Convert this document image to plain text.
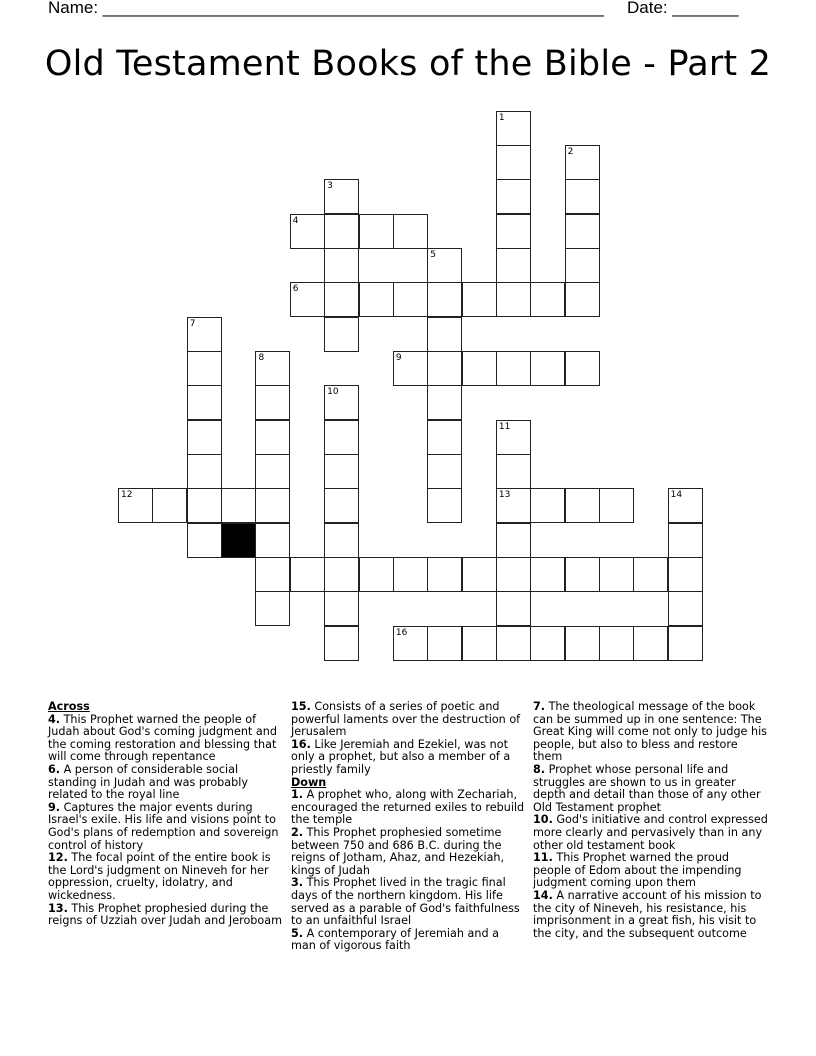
Name: _____________________________________________________ Date: _______
Old Testament Books of the Bible - Part 2
1
2
3
4
5
6
7
8	9
10
11
13
12	14
16
Across

4. This Prophet warned the people of Judah about God's coming judgment and the coming restoration and blessing that will come through repentance

6. A person of considerable social standing in Judah and was probably related to the royal line

9. Captures the major events during Israel's exile. His life and visions point to God's plans of redemption and sovereign control of history

12. The focal point of the entire book is the Lord's judgment on Nineveh for her oppression, cruelty, idolatry, and wickedness.

13. This Prophet prophesied during the reigns of Uzziah over Judah and Jeroboam

15. Consists of a series of poetic and powerful laments over the destruction of Jerusalem

16. Like Jeremiah and Ezekiel, was not only a prophet, but also a member of a priestly family

Down

1. A prophet who, along with Zechariah, encouraged the returned exiles to rebuild the temple

2. This Prophet prophesied sometime between 750 and 686 B.C. during the reigns of Jotham, Ahaz, and Hezekiah, kings of Judah

3. This Prophet lived in the tragic final days of the northern kingdom. His life served as a parable of God's faithfulness to an unfaithful Israel

5. A contemporary of Jeremiah and a man of vigorous faith

7. The theological message of the book can be summed up in one sentence: The Great King will come not only to judge his people, but also to bless and restore them

8. Prophet whose personal life and struggles are shown to us in greater depth and detail than those of any other Old Testament prophet

10. God's initiative and control expressed more clearly and pervasively than in any other old testament book

11. This Prophet warned the proud people of Edom about the impending judgment coming upon them

14. A narrative account of his mission to the city of Nineveh, his resistance, his imprisonment in a great fish, his visit to the city, and the subsequent outcome
